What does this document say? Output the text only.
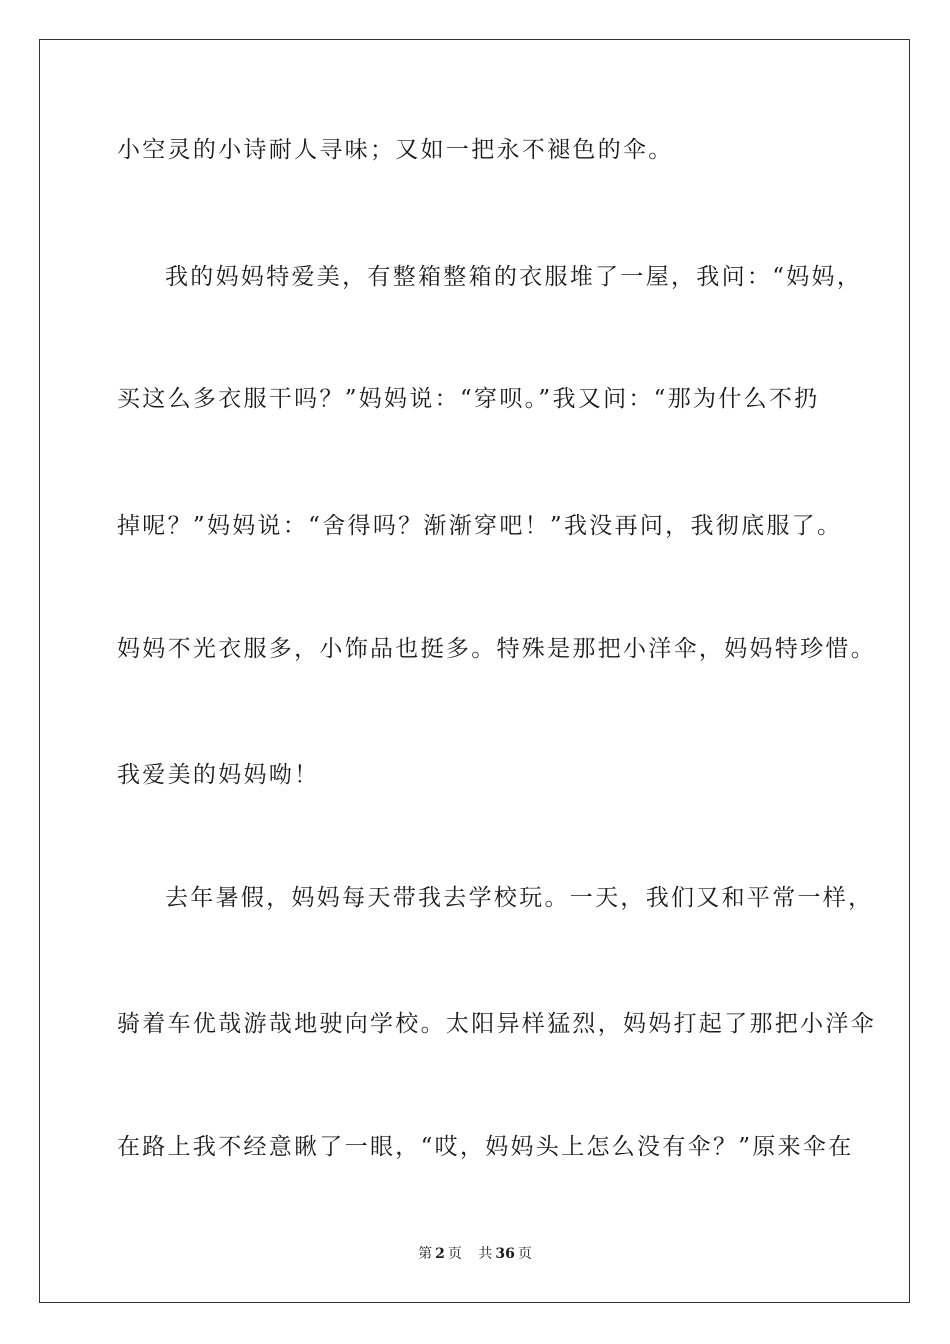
小空灵的小诗耐人寻味；又如一把永不褪色的伞。
我的妈妈特爱美，有整箱整箱的衣服堆了一屋，我问：“妈妈，
买这么多衣服干吗？”妈妈说：“穿呗。”我又问：“那为什么不扔
掉呢？”妈妈说：“舍得吗？渐渐穿吧！”我没再问，我彻底服了。
妈妈不光衣服多，小饰品也挺多。特殊是那把小洋伞，妈妈特珍惜。
我爱美的妈妈呦！
去年暑假，妈妈每天带我去学校玩。一天，我们又和平常一样，
骑着车优哉游哉地驶向学校。太阳异样猛烈，妈妈打起了那把小洋伞
在路上我不经意瞅了一眼，“哎，妈妈头上怎么没有伞？”原来伞在
第 2 页 共 36 页
